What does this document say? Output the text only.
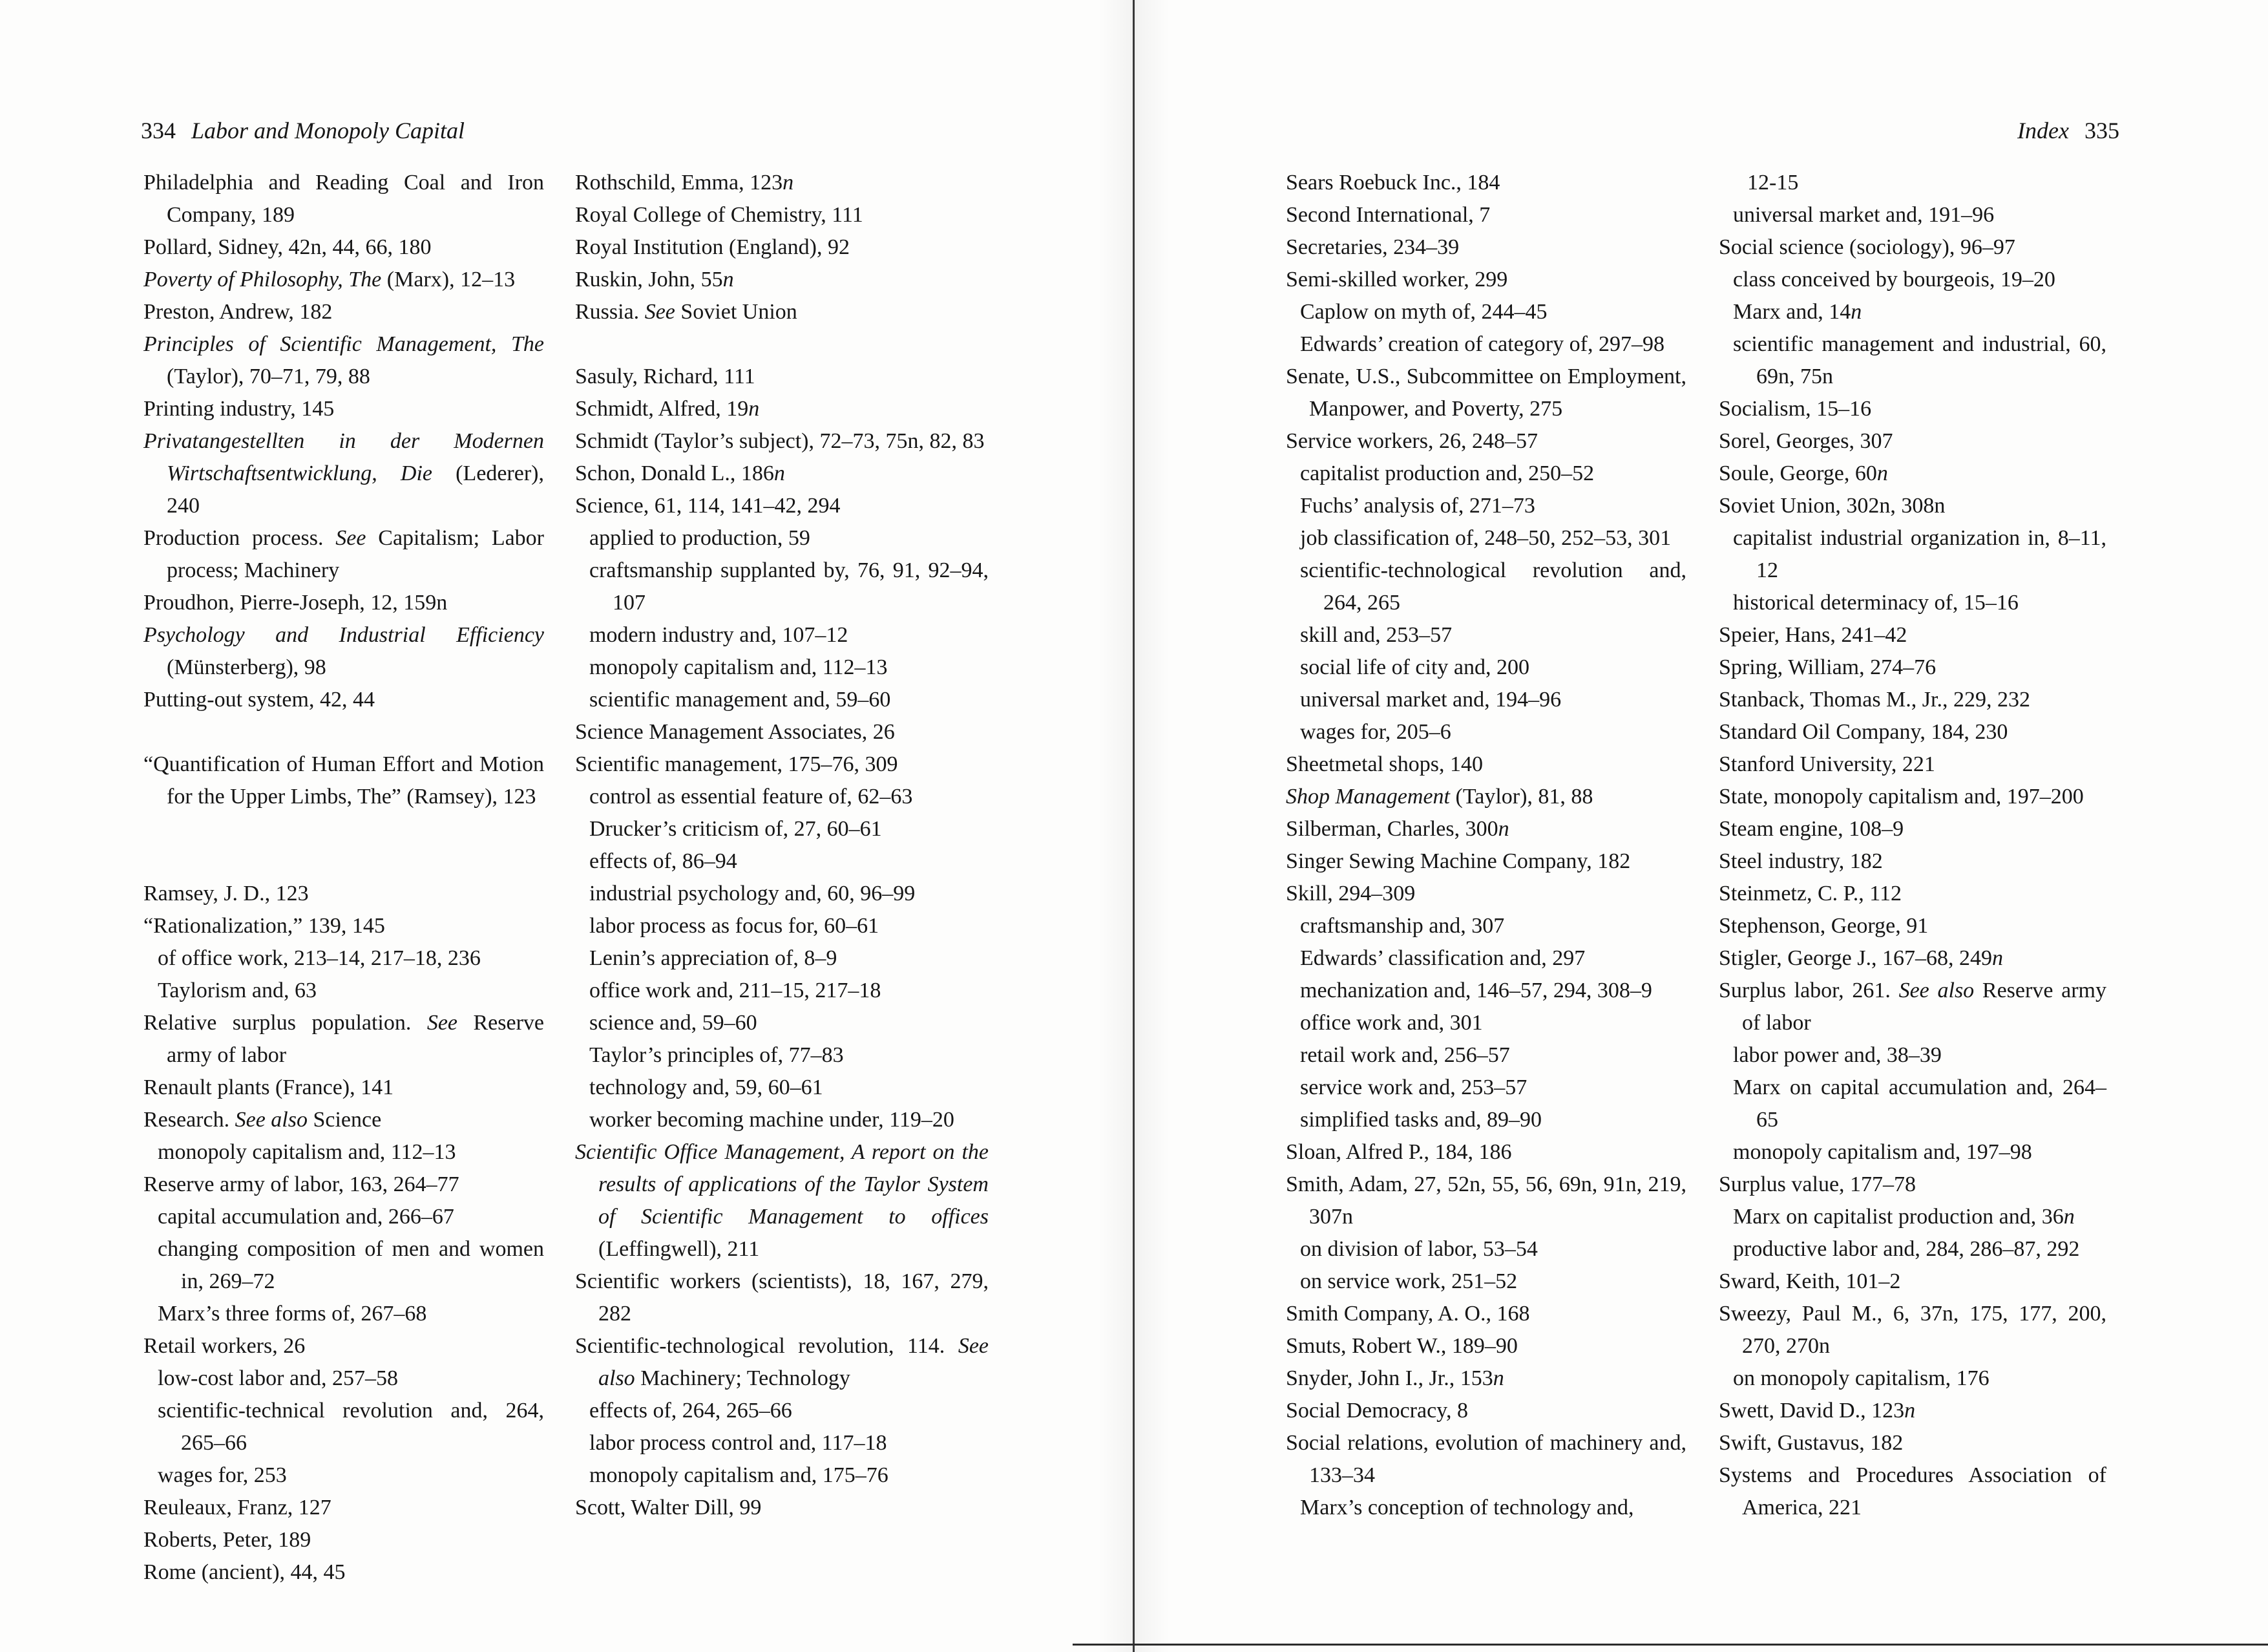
334 Labor and Monopoly Capital	Index 335
Philadelphia and Reading Coal and Iron Company, 189
Pollard, Sidney, 42n, 44, 66, 180
Poverty of Philosophy, The (Marx), 12–13
Preston, Andrew, 182
Principles of Scientific Management, The (Taylor), 70–71, 79, 88
Printing industry, 145
Privatangestellten in der Modernen Wirtschaftsentwicklung, Die (Lederer), 240
Production process. See Capitalism; Labor process; Machinery
Proudhon, Pierre-Joseph, 12, 159n
Psychology and Industrial Efficiency (Münsterberg), 98
Putting-out system, 42, 44
“Quantification of Human Effort and Motion for the Upper Limbs, The” (Ramsey), 123
Ramsey, J. D., 123
“Rationalization,” 139, 145
of office work, 213–14, 217–18, 236
Taylorism and, 63
Relative surplus population. See Reserve army of labor
Renault plants (France), 141
Research. See also Science
monopoly capitalism and, 112–13
Reserve army of labor, 163, 264–77
capital accumulation and, 266–67
changing composition of men and women in, 269–72
Marx’s three forms of, 267–68
Retail workers, 26
low-cost labor and, 257–58
scientific-technical revolution and, 264, 265–66
wages for, 253
Reuleaux, Franz, 127
Roberts, Peter, 189
Rome (ancient), 44, 45
Rothschild, Emma, 123n
Royal College of Chemistry, 111
Royal Institution (England), 92
Ruskin, John, 55n
Russia. See Soviet Union
Sasuly, Richard, 111
Schmidt, Alfred, 19n
Schmidt (Taylor’s subject), 72–73, 75n, 82, 83
Schon, Donald L., 186n
Science, 61, 114, 141–42, 294
applied to production, 59
craftsmanship supplanted by, 76, 91, 92–94, 107
modern industry and, 107–12
monopoly capitalism and, 112–13
scientific management and, 59–60
Science Management Associates, 26
Scientific management, 175–76, 309
control as essential feature of, 62–63
Drucker’s criticism of, 27, 60–61
effects of, 86–94
industrial psychology and, 60, 96–99
labor process as focus for, 60–61
Lenin’s appreciation of, 8–9
office work and, 211–15, 217–18
science and, 59–60
Taylor’s principles of, 77–83
technology and, 59, 60–61
worker becoming machine under, 119–20
Scientific Office Management, A report on the results of applications of the Taylor System of Scientific Management to offices (Leffingwell), 211
Scientific workers (scientists), 18, 167, 279, 282
Scientific-technological revolution, 114. See also Machinery; Technology
effects of, 264, 265–66
labor process control and, 117–18
monopoly capitalism and, 175–76
Scott, Walter Dill, 99
Sears Roebuck Inc., 184
Second International, 7
Secretaries, 234–39
Semi-skilled worker, 299
Caplow on myth of, 244–45
Edwards’ creation of category of, 297–98
Senate, U.S., Subcommittee on Employment, Manpower, and Poverty, 275
Service workers, 26, 248–57
capitalist production and, 250–52
Fuchs’ analysis of, 271–73
job classification of, 248–50, 252–53, 301
scientific-technological revolution and, 264, 265
skill and, 253–57
social life of city and, 200
universal market and, 194–96
wages for, 205–6
Sheetmetal shops, 140
Shop Management (Taylor), 81, 88
Silberman, Charles, 300n
Singer Sewing Machine Company, 182
Skill, 294–309
craftsmanship and, 307
Edwards’ classification and, 297
mechanization and, 146–57, 294, 308–9
office work and, 301
retail work and, 256–57
service work and, 253–57
simplified tasks and, 89–90
Sloan, Alfred P., 184, 186
Smith, Adam, 27, 52n, 55, 56, 69n, 91n, 219, 307n
on division of labor, 53–54
on service work, 251–52
Smith Company, A. O., 168
Smuts, Robert W., 189–90
Snyder, John I., Jr., 153n
Social Democracy, 8
Social relations, evolution of machinery and, 133–34
Marx’s conception of technology and,
12-15
universal market and, 191–96
Social science (sociology), 96–97
class conceived by bourgeois, 19–20
Marx and, 14n
scientific management and industrial, 60, 69n, 75n
Socialism, 15–16
Sorel, Georges, 307
Soule, George, 60n
Soviet Union, 302n, 308n
capitalist industrial organization in, 8–11, 12
historical determinacy of, 15–16
Speier, Hans, 241–42
Spring, William, 274–76
Stanback, Thomas M., Jr., 229, 232
Standard Oil Company, 184, 230
Stanford University, 221
State, monopoly capitalism and, 197–200
Steam engine, 108–9
Steel industry, 182
Steinmetz, C. P., 112
Stephenson, George, 91
Stigler, George J., 167–68, 249n
Surplus labor, 261. See also Reserve army of labor
labor power and, 38–39
Marx on capital accumulation and, 264–65
monopoly capitalism and, 197–98
Surplus value, 177–78
Marx on capitalist production and, 36n
productive labor and, 284, 286–87, 292
Sward, Keith, 101–2
Sweezy, Paul M., 6, 37n, 175, 177, 200, 270, 270n
on monopoly capitalism, 176
Swett, David D., 123n
Swift, Gustavus, 182
Systems and Procedures Association of America, 221
